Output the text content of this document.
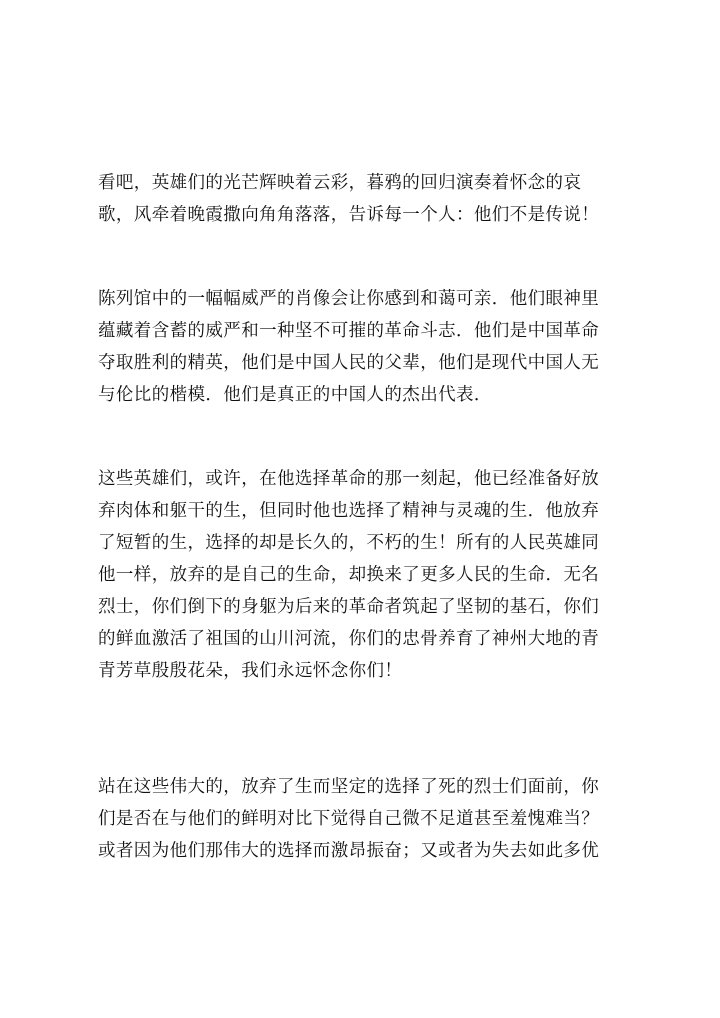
看吧，英雄们的光芒辉映着云彩，暮鸦的回归演奏着怀念的哀
歌，风牵着晚霞撒向角角落落，告诉每一个人：他们不是传说！
陈列馆中的一幅幅威严的肖像会让你感到和蔼可亲．他们眼神里
蕴藏着含蓄的威严和一种坚不可摧的革命斗志．他们是中国革命
夺取胜利的精英，他们是中国人民的父辈，他们是现代中国人无
与伦比的楷模．他们是真正的中国人的杰出代表．
这些英雄们，或许，在他选择革命的那一刻起，他已经准备好放
弃肉体和躯干的生，但同时他也选择了精神与灵魂的生．他放弃
了短暂的生，选择的却是长久的，不朽的生！所有的人民英雄同
他一样，放弃的是自己的生命，却换来了更多人民的生命．无名
烈士，你们倒下的身躯为后来的革命者筑起了坚韧的基石，你们
的鲜血激活了祖国的山川河流，你们的忠骨养育了神州大地的青
青芳草殷殷花朵，我们永远怀念你们！
站在这些伟大的，放弃了生而坚定的选择了死的烈士们面前，你
们是否在与他们的鲜明对比下觉得自己微不足道甚至羞愧难当？
或者因为他们那伟大的选择而激昂振奋；又或者为失去如此多优
